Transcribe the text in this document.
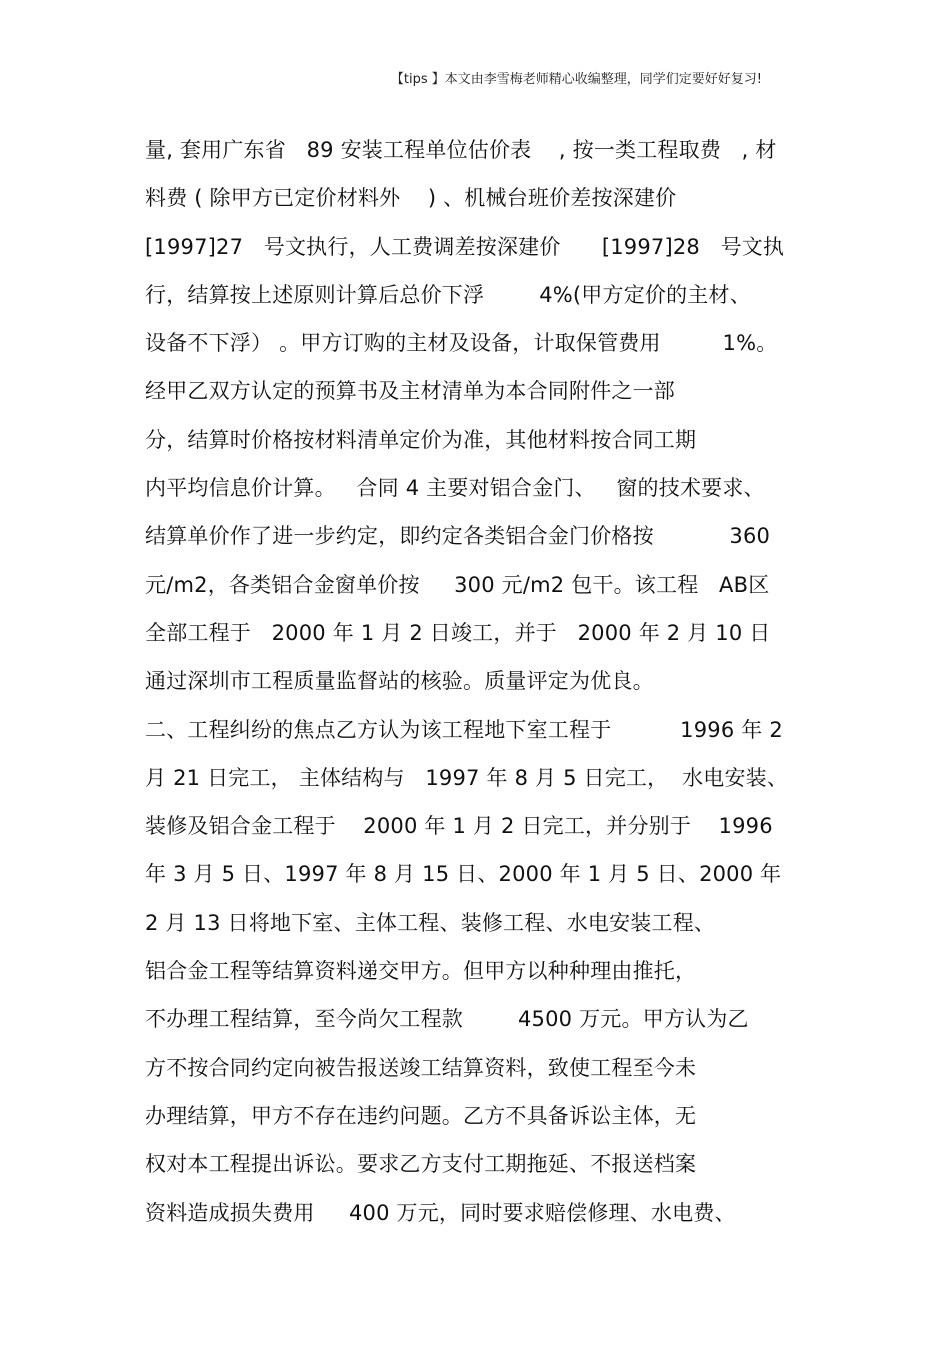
【tips 】本文由李雪梅老师精心收编整理，同学们定要好好复习!
量, 套用广东省   89 安装工程单位估价表    , 按一类工程取费   , 材
料费 ( 除甲方已定价材料外    ) 、机械台班价差按深建价
[1997]27   号文执行，人工费调差按深建价      [1997]28   号文执
行，结算按上述原则计算后总价下浮        4%(甲方定价的主材、
设备不下浮） 。甲方订购的主材及设备，计取保管费用         1%。
经甲乙双方认定的预算书及主材清单为本合同附件之一部
分，结算时价格按材料清单定价为准，其他材料按合同工期
内平均信息价计算。   合同 4 主要对铝合金门、   窗的技术要求、
结算单价作了进一步约定，即约定各类铝合金门价格按           360
元/m2，各类铝合金窗单价按     300 元/m2 包干。该工程   AB区
全部工程于   2000 年 1 月 2 日竣工，并于   2000 年 2 月 10 日
通过深圳市工程质量监督站的核验。质量评定为优良。
二、工程纠纷的焦点乙方认为该工程地下室工程于          1996 年 2
月 21 日完工， 主体结构与   1997 年 8 月 5 日完工，  水电安装、
装修及铝合金工程于    2000 年 1 月 2 日完工，并分别于    1996
年 3 月 5 日、1997 年 8 月 15 日、2000 年 1 月 5 日、2000 年
2 月 13 日将地下室、主体工程、装修工程、水电安装工程、
铝合金工程等结算资料递交甲方。但甲方以种种理由推托，
不办理工程结算，至今尚欠工程款        4500 万元。甲方认为乙
方不按合同约定向被告报送竣工结算资料，致使工程至今未
办理结算，甲方不存在违约问题。乙方不具备诉讼主体，无
权对本工程提出诉讼。要求乙方支付工期拖延、不报送档案
资料造成损失费用     400 万元，同时要求赔偿修理、水电费、
